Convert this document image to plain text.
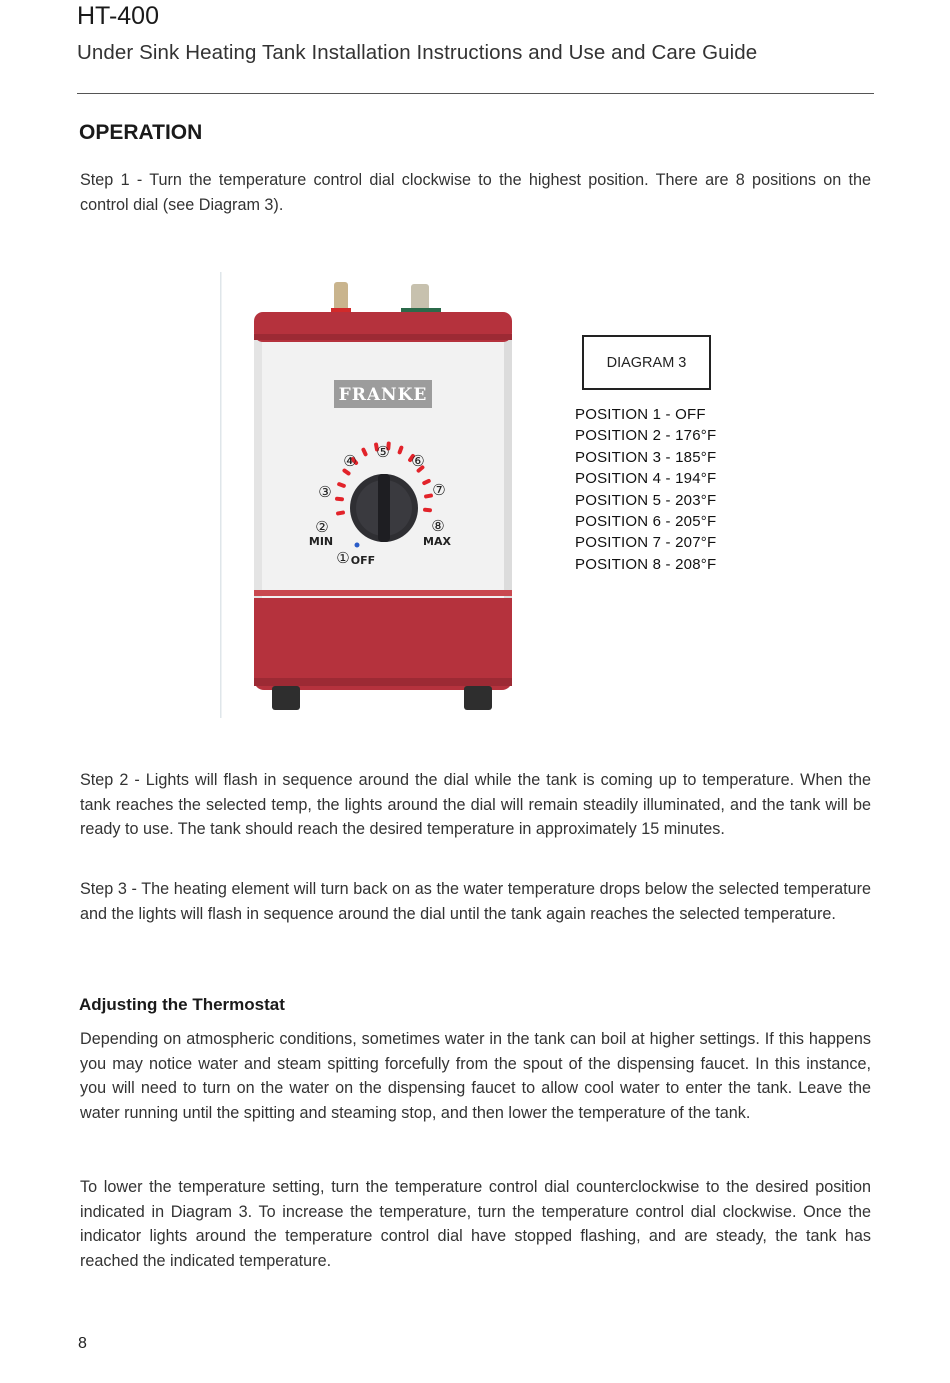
HT-400
Under Sink Heating Tank Installation Instructions and Use and Care Guide
OPERATION

Step 1 - Turn the temperature control dial clockwise to the highest position. There are 8 positions on the control dial (see Diagram 3).

FRANKE
①
②
③
④ ⑤ ⑥
⑦
⑧
MIN	MAX
OFF
DIAGRAM 3
POSITION 1 - OFF
POSITION 2 - 176°F
POSITION 3 - 185°F
POSITION 4 - 194°F
POSITION 5 - 203°F
POSITION 6 - 205°F
POSITION 7 - 207°F
POSITION 8 - 208°F

Step 2 - Lights will flash in sequence around the dial while the tank is coming up to temperature. When the tank reaches the selected temp, the lights around the dial will remain steadily illuminated, and the tank will be ready to use. The tank should reach the desired temperature in approximately 15 minutes.

Step 3 - The heating element will turn back on as the water temperature drops below the selected temperature and the lights will flash in sequence around the dial until the tank again reaches the selected temperature.

Adjusting the Thermostat

Depending on atmospheric conditions, sometimes water in the tank can boil at higher settings. If this happens you may notice water and steam spitting forcefully from the spout of the dispensing faucet. In this instance, you will need to turn on the water on the dispensing faucet to allow cool water to enter the tank. Leave the water running until the spitting and steaming stop, and then lower the temperature of the tank.

To lower the temperature setting, turn the temperature control dial counterclockwise to the desired position indicated in Diagram 3. To increase the temperature, turn the temperature control dial clockwise. Once the indicator lights around the temperature control dial have stopped flashing, and are steady, the tank has reached the indicated temperature.

8
